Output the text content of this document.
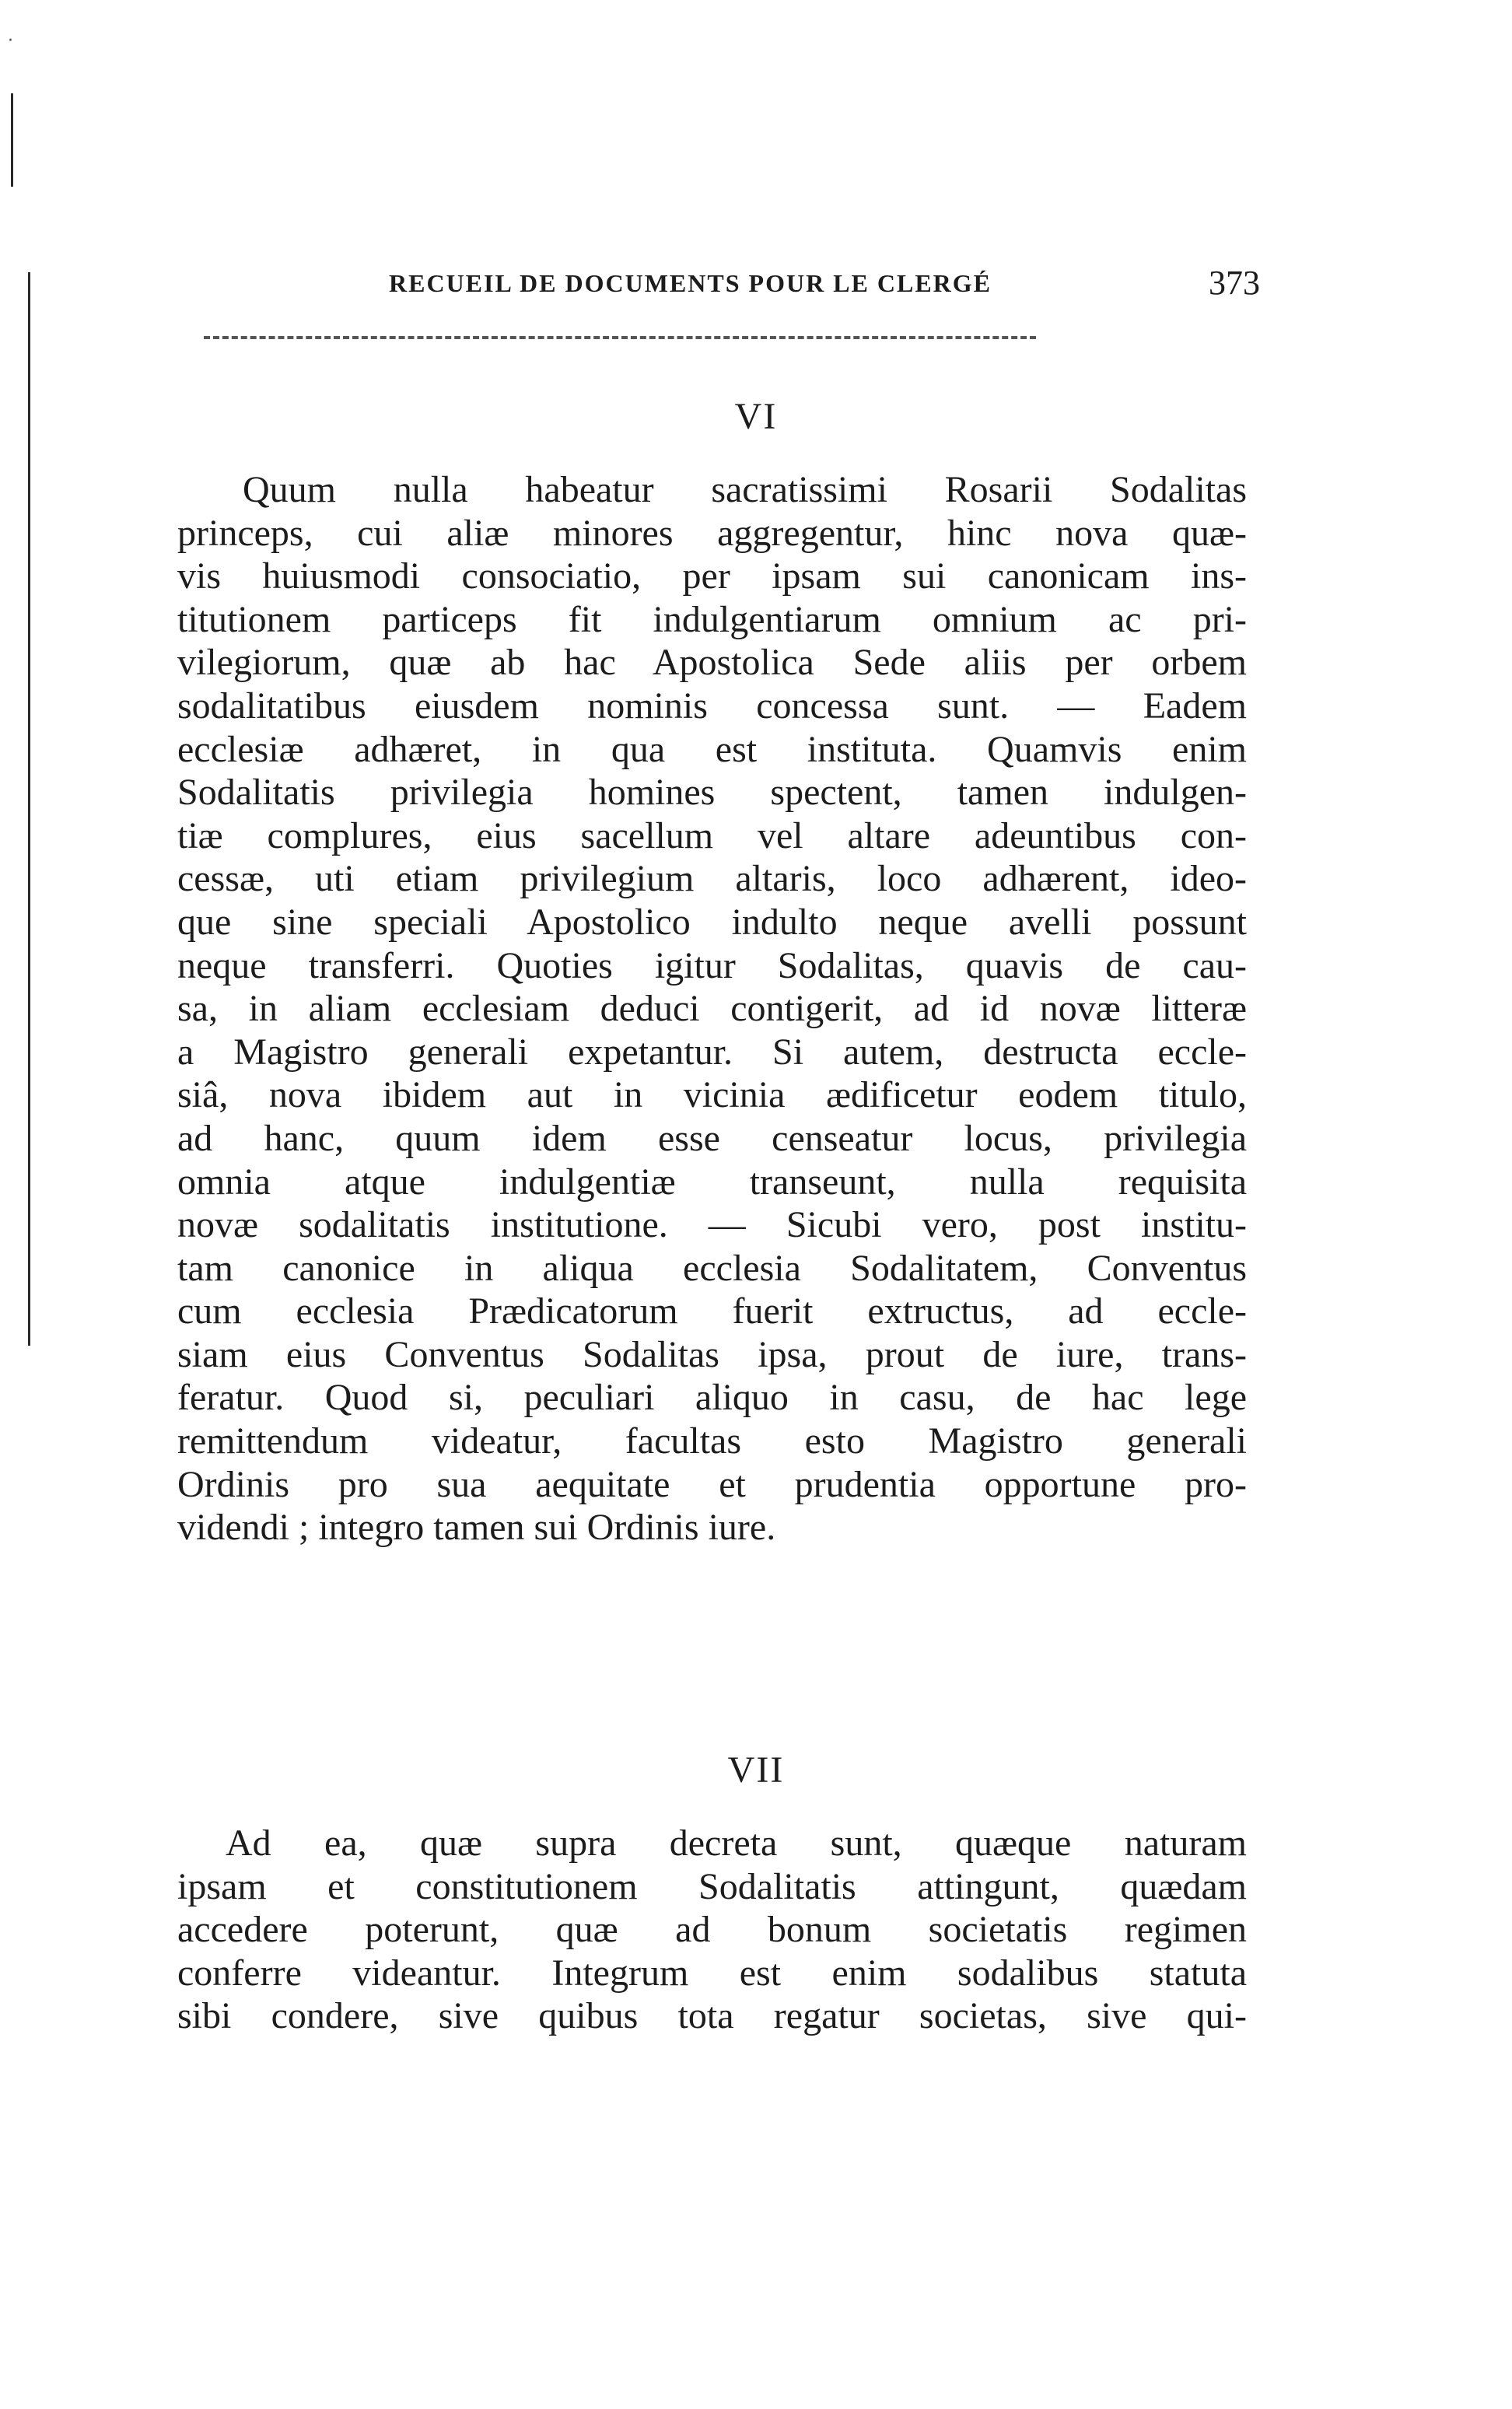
·
RECUEIL DE DOCUMENTS POUR LE CLERGÉ	373
VI

Quum nulla habeatur sacratissimi Rosarii Sodalitas
princeps, cui aliæ minores aggregentur, hinc nova quæ-
vis huiusmodi consociatio, per ipsam sui canonicam ins-
titutionem particeps fit indulgentiarum omnium ac pri-
vilegiorum, quæ ab hac Apostolica Sede aliis per orbem
sodalitatibus eiusdem nominis concessa sunt. — Eadem
ecclesiæ adhæret, in qua est instituta. Quamvis enim
Sodalitatis privilegia homines spectent, tamen indulgen-
tiæ complures, eius sacellum vel altare adeuntibus con-
cessæ, uti etiam privilegium altaris, loco adhærent, ideo-
que sine speciali Apostolico indulto neque avelli possunt
neque transferri. Quoties igitur Sodalitas, quavis de cau-
sa, in aliam ecclesiam deduci contigerit, ad id novæ litteræ
a Magistro generali expetantur. Si autem, destructa eccle-
siâ, nova ibidem aut in vicinia ædificetur eodem titulo,
ad hanc, quum idem esse censeatur locus, privilegia
omnia atque indulgentiæ transeunt, nulla requisita
novæ sodalitatis institutione. — Sicubi vero, post institu-
tam canonice in aliqua ecclesia Sodalitatem, Conventus
cum ecclesia Prædicatorum fuerit extructus, ad eccle-
siam eius Conventus Sodalitas ipsa, prout de iure, trans-
feratur. Quod si, peculiari aliquo in casu, de hac lege
remittendum videatur, facultas esto Magistro generali
Ordinis pro sua aequitate et prudentia opportune pro-
videndi ; integro tamen sui Ordinis iure.

VII

Ad ea, quæ supra decreta sunt, quæque naturam
ipsam et constitutionem Sodalitatis attingunt, quædam
accedere poterunt, quæ ad bonum societatis regimen
conferre videantur. Integrum est enim sodalibus statuta
sibi condere, sive quibus tota regatur societas, sive qui-
